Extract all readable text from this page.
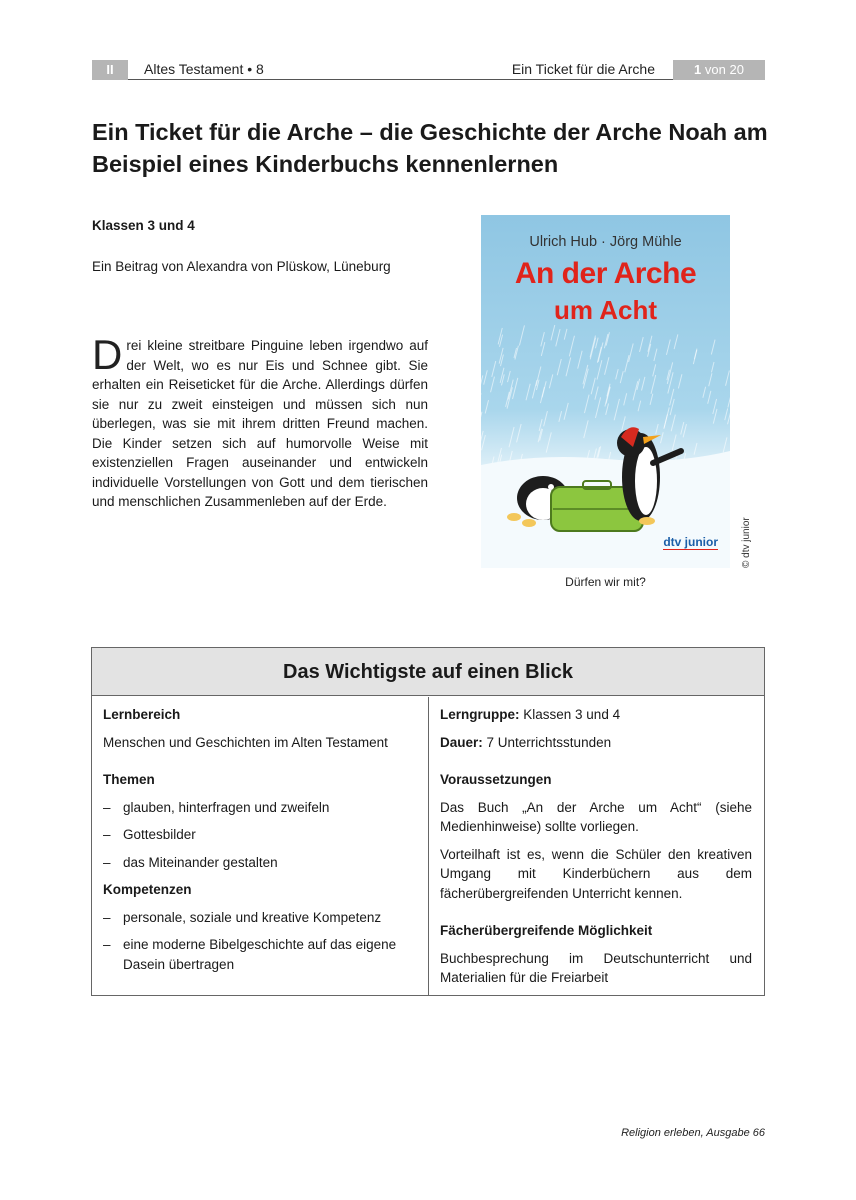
II	Altes Testament • 8	Ein Ticket für die Arche	1 von 20
Ein Ticket für die Arche – die Geschichte der Arche Noah am Beispiel eines Kinderbuchs kennenlernen
Klassen 3 und 4
Ein Beitrag von Alexandra von Plüskow, Lüneburg
Drei kleine streitbare Pinguine leben irgendwo auf der Welt, wo es nur Eis und Schnee gibt. Sie erhalten ein Reiseticket für die Arche. Allerdings dürfen sie nur zu zweit einsteigen und müssen sich nun überlegen, was sie mit ihrem dritten Freund machen. Die Kinder setzen sich auf humorvolle Weise mit existenziellen Fragen auseinander und entwickeln individuelle Vorstellungen von Gott und dem tierischen und menschlichen Zusammenleben auf der Erde.
Ulrich Hub · Jörg Mühle
An der Arche
um Acht
dtv junior © dtv junior
Dürfen wir mit?
Das Wichtigste auf einen Blick

Lernbereich

Menschen und Geschichten im Alten Testament

Themen

– glauben, hinterfragen und zweifeln
– Gottesbilder
– das Miteinander gestalten

Kompetenzen

– personale, soziale und kreative Kompetenz
– eine moderne Bibelgeschichte auf das eigene Dasein übertragen

Lerngruppe: Klassen 3 und 4

Dauer: 7 Unterrichtsstunden

Voraussetzungen

Das Buch „An der Arche um Acht“ (siehe Medienhinweise) sollte vorliegen.

Vorteilhaft ist es, wenn die Schüler den kreativen Umgang mit Kinderbüchern aus dem fächerübergreifenden Unterricht kennen.

Fächerübergreifende Möglichkeit

Buchbesprechung im Deutschunterricht und Materialien für die Freiarbeit

Religion erleben, Ausgabe 66
